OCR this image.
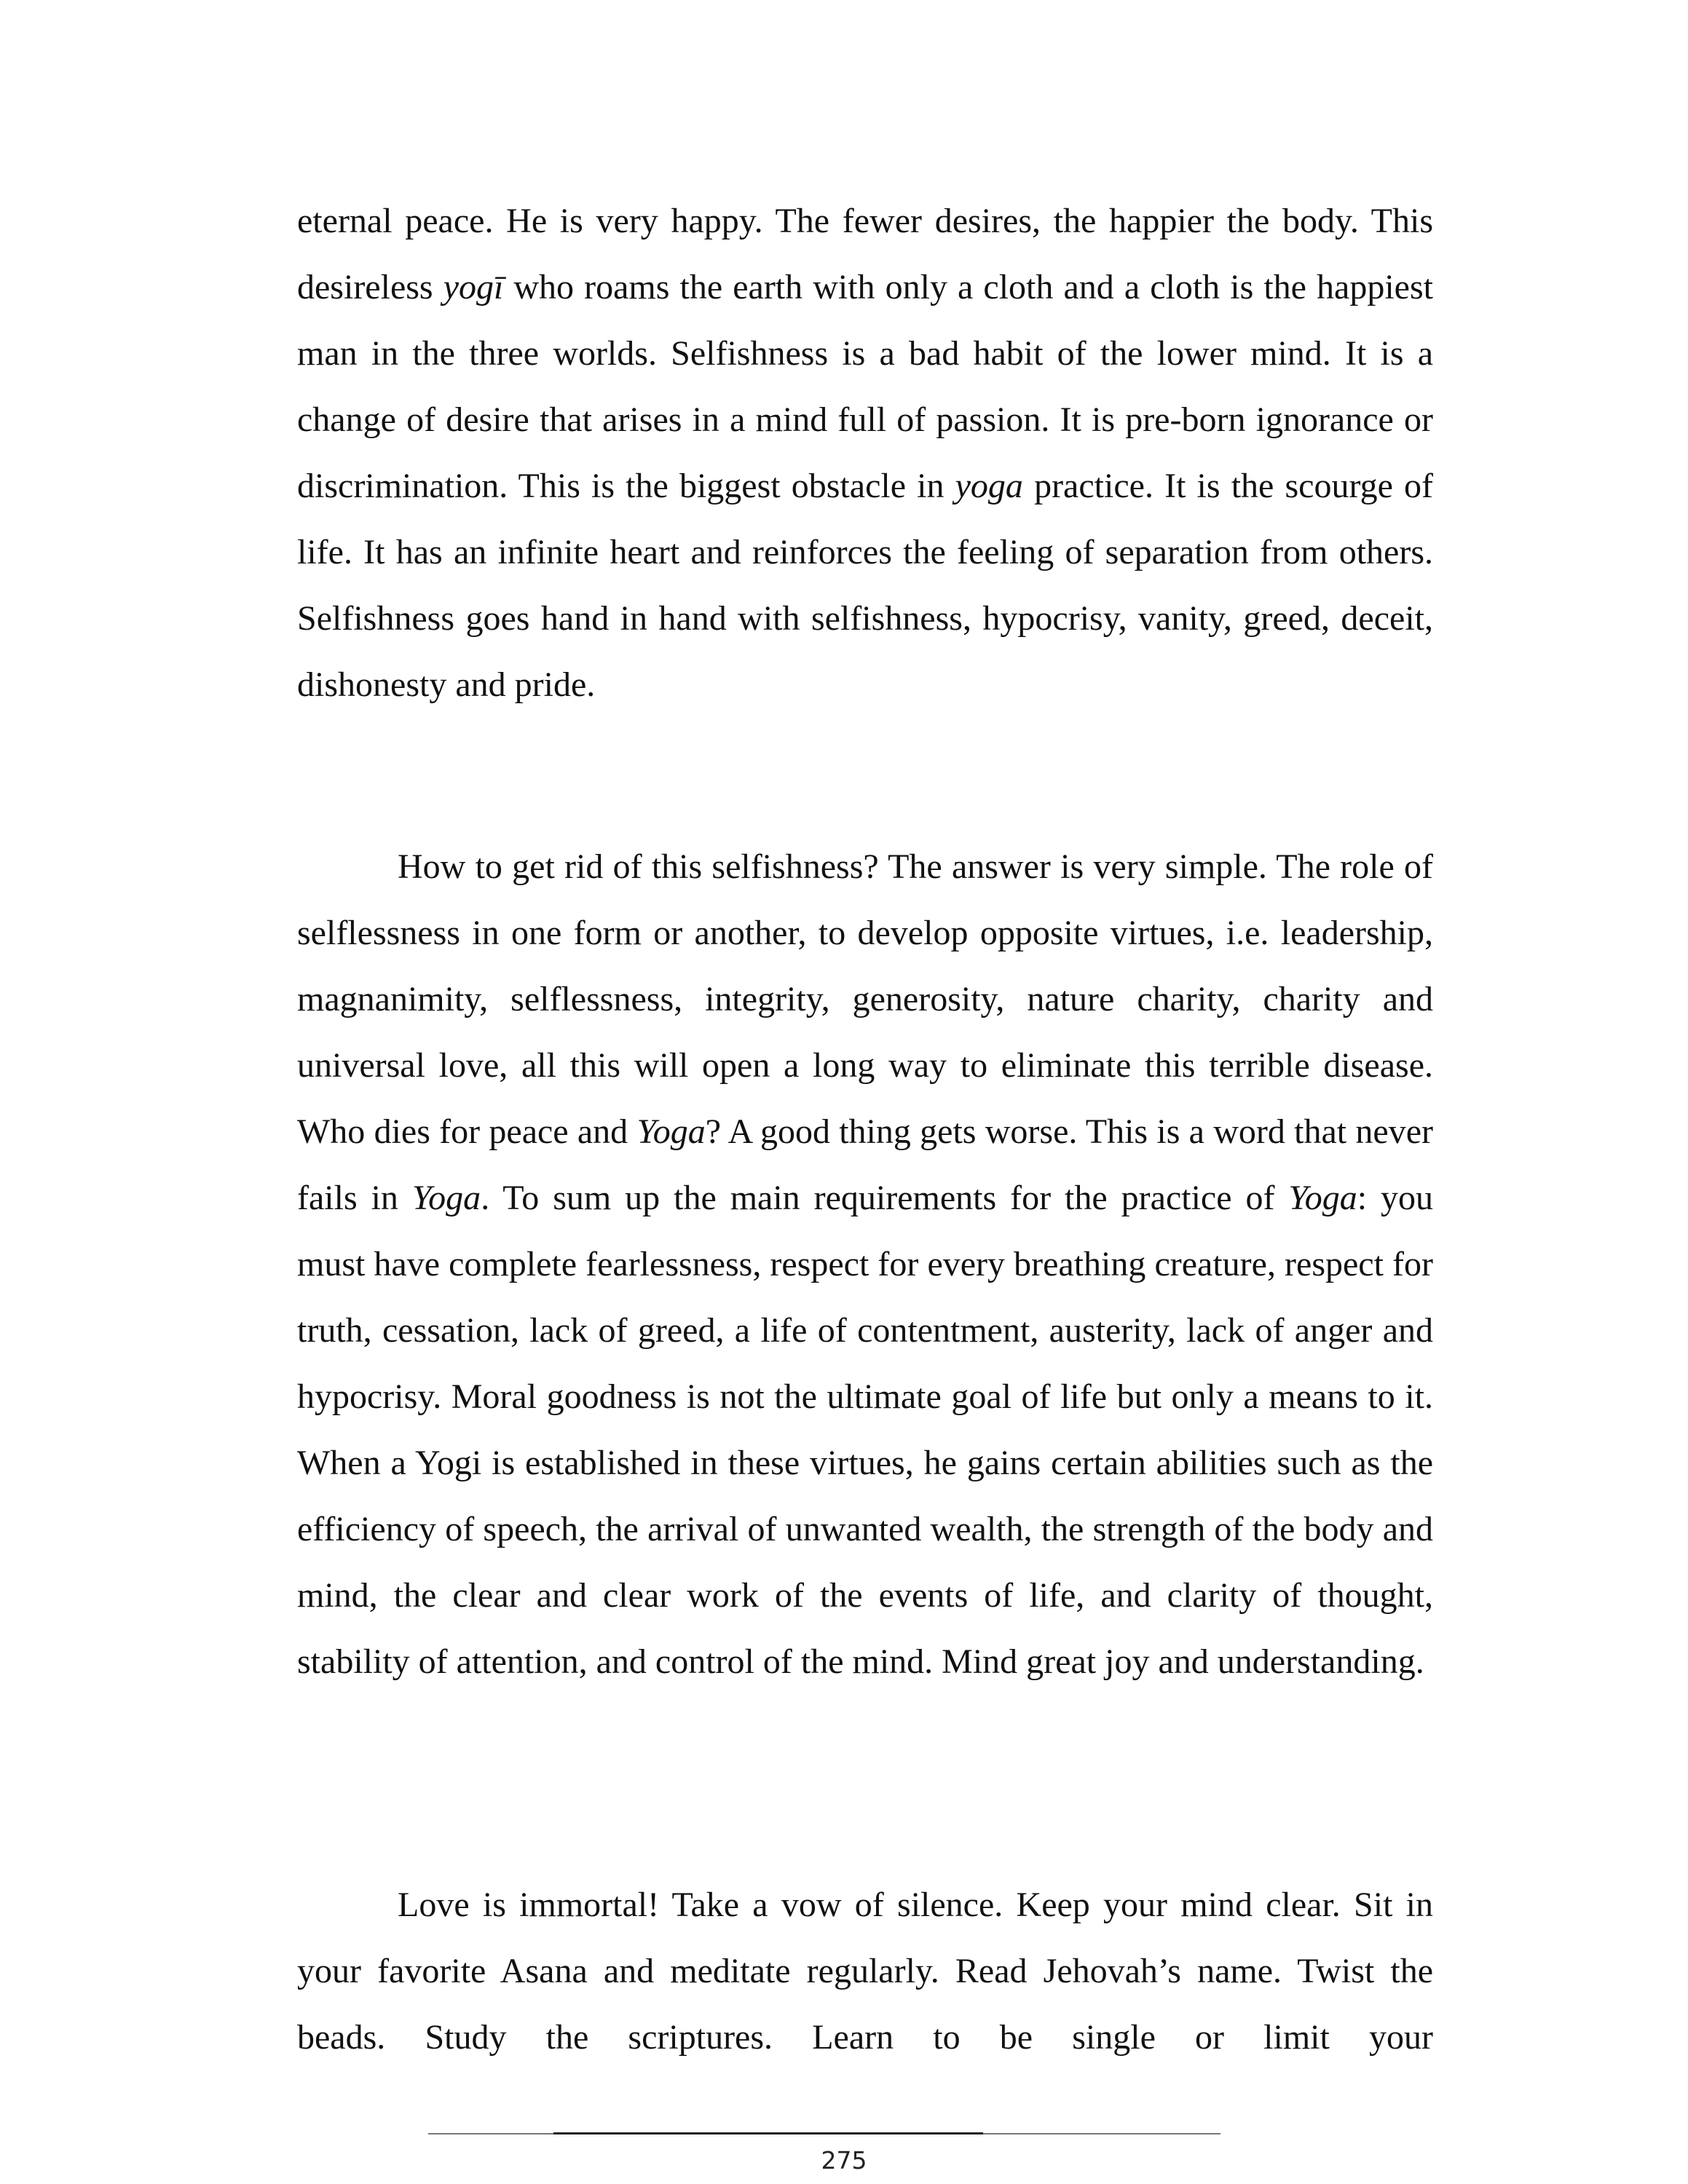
eternal peace. He is very happy. The fewer desires, the happier the body. This desireless yogī who roams the earth with only a cloth and a cloth is the happiest man in the three worlds. Selfishness is a bad habit of the lower mind. It is a change of desire that arises in a mind full of passion. It is pre-born ignorance or discrimination. This is the biggest obstacle in yoga practice. It is the scourge of life. It has an infinite heart and reinforces the feeling of separation from others. Selfishness goes hand in hand with selfishness, hypocrisy, vanity, greed, deceit, dishonesty and pride.

How to get rid of this selfishness? The answer is very simple. The role of selflessness in one form or another, to develop opposite virtues, i.e. leadership, magnanimity, selflessness, integrity, generosity, nature charity, charity and universal love, all this will open a long way to eliminate this terrible disease. Who dies for peace and Yoga? A good thing gets worse. This is a word that never fails in Yoga. To sum up the main requirements for the practice of Yoga: you must have complete fearlessness, respect for every breathing creature, respect for truth, cessation, lack of greed, a life of contentment, austerity, lack of anger and hypocrisy. Moral goodness is not the ultimate goal of life but only a means to it. When a Yogi is established in these virtues, he gains certain abilities such as the efficiency of speech, the arrival of unwanted wealth, the strength of the body and mind, the clear and clear work of the events of life, and clarity of thought, stability of attention, and control of the mind. Mind great joy and understanding.

Love is immortal! Take a vow of silence. Keep your mind clear. Sit in your favorite Asana and meditate regularly. Read Jehovah’s name. Twist the beads. Study the scriptures. Learn to be single or limit your

275
